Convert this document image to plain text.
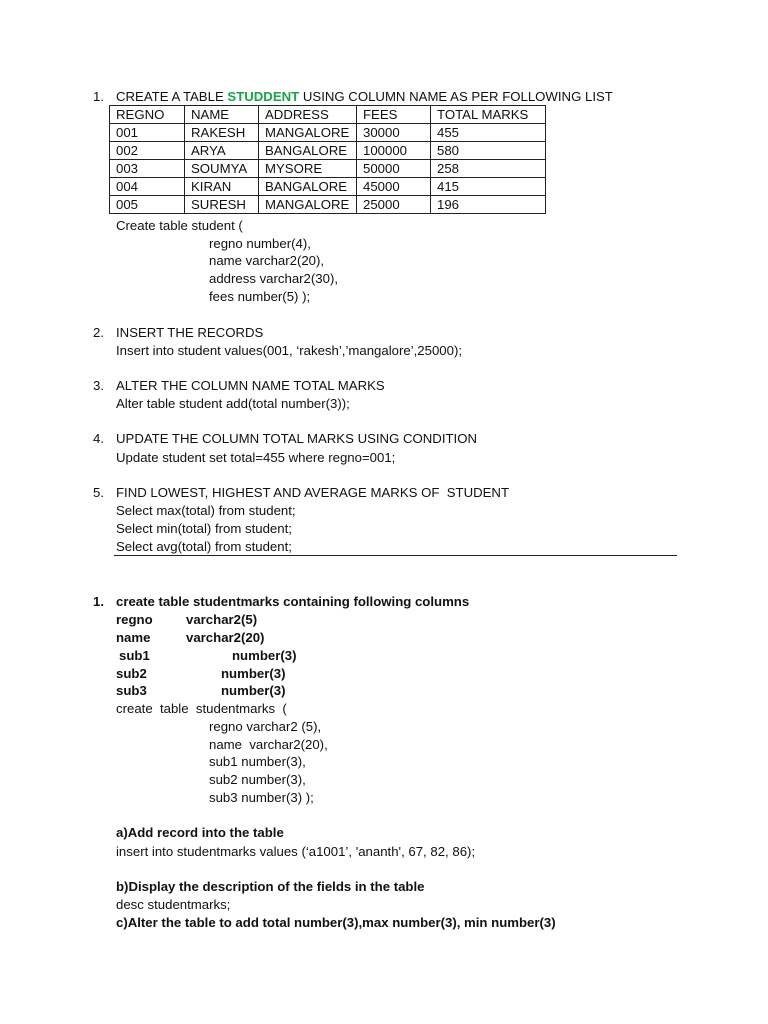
1. CREATE A TABLE STUDDENT USING COLUMN NAME AS PER FOLLOWING LIST
REGNO	NAME	ADDRESS	FEES	TOTAL MARKS
001	RAKESH	MANGALORE	30000	455
002	ARYA	BANGALORE	100000	580
003	SOUMYA	MYSORE	50000	258
004	KIRAN	BANGALORE	45000	415
005	SURESH	MANGALORE	25000	196
Create table student (
regno number(4),
name varchar2(20),
address varchar2(30),
fees number(5) );
2. INSERT THE RECORDS
Insert into student values(001, ‘rakesh’,’mangalore’,25000);
3. ALTER THE COLUMN NAME TOTAL MARKS
Alter table student add(total number(3));
4. UPDATE THE COLUMN TOTAL MARKS USING CONDITION
Update student set total=455 where regno=001;
5. FIND LOWEST, HIGHEST AND AVERAGE MARKS OF  STUDENT
Select max(total) from student;
Select min(total) from student;
Select avg(total) from student;
1. create table studentmarks containing following columns
regno	varchar2(5)
name	varchar2(20)
sub1	number(3)
sub2	number(3)
sub3	number(3)
create  table  studentmarks  (
regno varchar2 (5),
name  varchar2(20),
sub1 number(3),
sub2 number(3),
sub3 number(3) );
a)Add record into the table
insert into studentmarks values (‘a1001’, 'ananth', 67, 82, 86);
b)Display the description of the fields in the table
desc studentmarks;
c)Alter the table to add total number(3),max number(3), min number(3)
